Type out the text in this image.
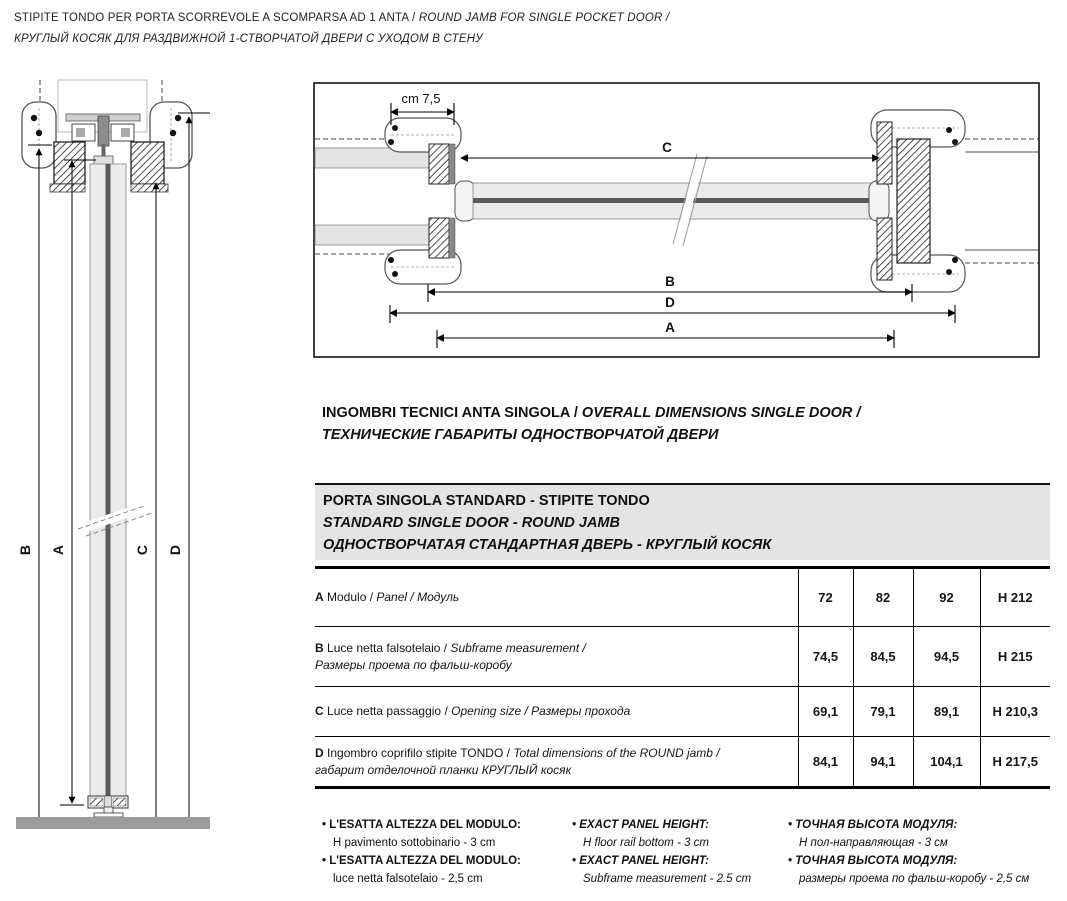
STIPITE TONDO PER PORTA SCORREVOLE A SCOMPARSA AD 1 ANTA / ROUND JAMB FOR SINGLE POCKET DOOR /
КРУГЛЫЙ КОСЯК ДЛЯ РАЗДВИЖНОЙ 1-СТВОРЧАТОЙ ДВЕРИ С УХОДОМ В СТЕНУ
B A	C D
cm 7,5
C
B
D
A
INGOMBRI TECNICI ANTA SINGOLA / OVERALL DIMENSIONS SINGLE DOOR /
ТЕХНИЧЕСКИЕ ГАБАРИТЫ ОДНОСТВОРЧАТОЙ ДВЕРИ
PORTA SINGOLA STANDARD - STIPITE TONDO
STANDARD SINGLE DOOR - ROUND JAMB
ОДНОСТВОРЧАТАЯ СТАНДАРТНАЯ ДВЕРЬ - КРУГЛЫЙ КОСЯК
A Modulo / Panel / Модуль	72	82	92	H 212

B Luce netta falsotelaio / Subframe measurement /
Размеры проема по фальш-коробу	74,5	84,5	94,5	H 215
C Luce netta passaggio / Opening size / Размеры прохода	69,1	79,1	89,1	H 210,3

D Ingombro coprifilo stipite TONDO / Total dimensions of the ROUND jamb /
габарит отделочной планки КРУГЛЫЙ косяк	84,1	94,1	104,1	H 217,5
• L'ESATTA ALTEZZA DEL MODULO:
H pavimento sottobinario - 3 cm
• L'ESATTA ALTEZZA DEL MODULO:
luce netta falsotelaio - 2,5 cm
• EXACT PANEL HEIGHT:
H floor rail bottom - 3 cm
• EXACT PANEL HEIGHT:
Subframe measurement - 2.5 cm
• ТОЧНАЯ ВЫСОТА МОДУЛЯ:
Н пол-направляющая - 3 см
• ТОЧНАЯ ВЫСОТА МОДУЛЯ:
размеры проема по фальш-коробу - 2,5 см
